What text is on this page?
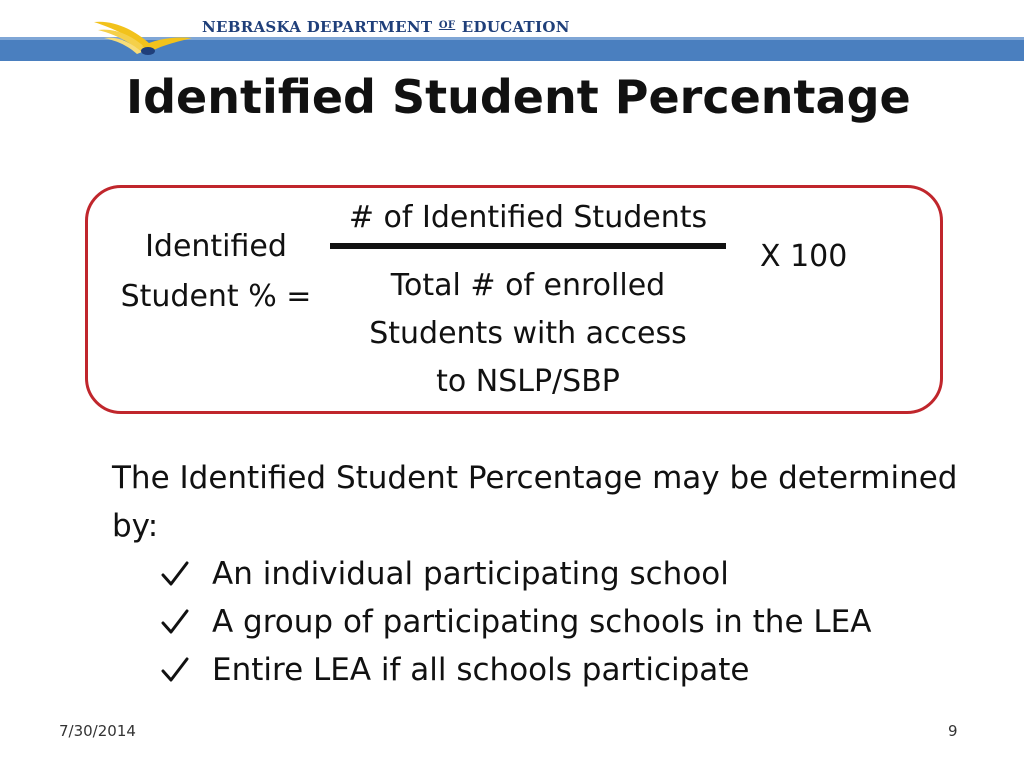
NEBRASKA DEPARTMENT $^{OF}$ EDUCATION
Identified Student Percentage
Identified
Student % =
# of Identified Students
Total # of enrolled
Students with access
to NSLP/SBP
X 100
The Identified Student Percentage may be determined by:
An individual participating school
A group of participating schools in the LEA
Entire LEA if all schools participate
7/30/2014	9
